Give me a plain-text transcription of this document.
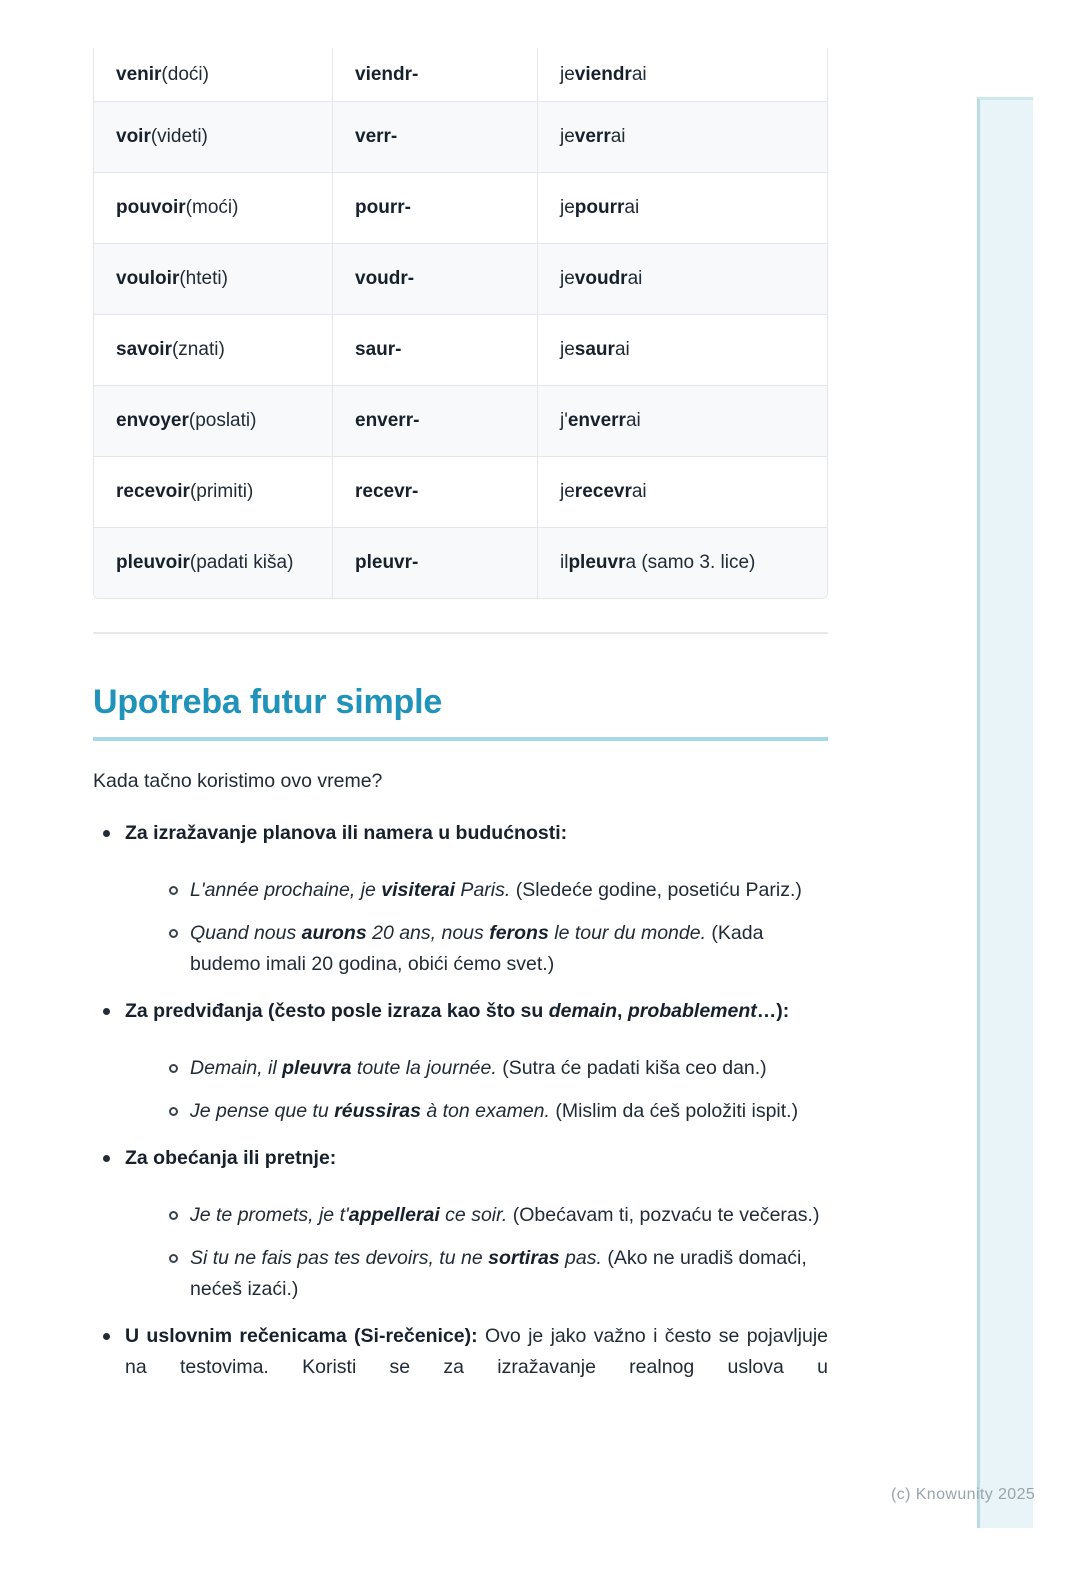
venir (doći)	viendr-	je viendr ai
voir (videti)	verr-	je verr ai
pouvoir (moći)	pourr-	je pourr ai
vouloir (hteti)	voudr-	je voudr ai
savoir (znati)	saur-	je saur ai
envoyer (poslati)	enverr-	j' enverr ai
recevoir (primiti)	recevr-	je recevr ai
pleuvoir (padati kiša)	pleuvr-	il pleuvr a (samo 3. lice)
Upotreba futur simple

Kada tačno koristimo ovo vreme?

Za izražavanje planova ili namera u budućnosti:

L'année prochaine, je visiterai Paris. (Sledeće godine, posetiću Pariz.)

Quand nous aurons 20 ans, nous ferons le tour du monde. (Kada budemo imali 20 godina, obići ćemo svet.)

Za predviđanja (često posle izraza kao što su demain, probablement…):

Demain, il pleuvra toute la journée. (Sutra će padati kiša ceo dan.)

Je pense que tu réussiras à ton examen. (Mislim da ćeš položiti ispit.)

Za obećanja ili pretnje:

Je te promets, je t'appellerai ce soir. (Obećavam ti, pozvaću te večeras.)

Si tu ne fais pas tes devoirs, tu ne sortiras pas. (Ako ne uradiš domaći, nećeš izaći.)

U uslovnim rečenicama (Si-rečenice): Ovo je jako važno i često se pojavljuje na testovima. Koristi se za izražavanje realnog uslova u

(c) Knowunity 2025
